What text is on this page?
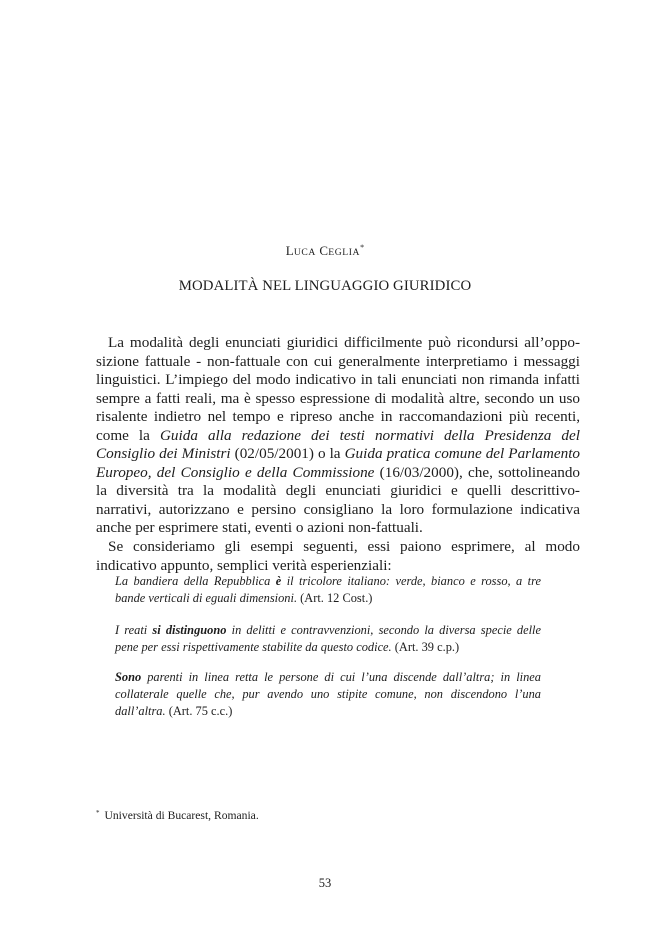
LUCA CEGLIA*
MODALITÀ NEL LINGUAGGIO GIURIDICO

La modalità degli enunciati giuridici difficilmente può ricondursi all’opposizione fattuale - non-fattuale con cui generalmente interpretiamo i messaggi linguistici. L’impiego del modo indicativo in tali enunciati non rimanda infatti sempre a fatti reali, ma è spesso espressione di modalità altre, secondo un uso risalente indietro nel tempo e ripreso anche in raccomandazioni più recenti, come la Guida alla redazione dei testi normativi della Presidenza del Consiglio dei Ministri (02/05/2001) o la Guida pratica comune del Parlamento Europeo, del Consiglio e della Commissione (16/03/2000), che, sottolineando la diversità tra la modalità degli enunciati giuridici e quelli descrittivo-narrativi, autorizzano e persino consigliano la loro formulazione indicativa anche per esprimere stati, eventi o azioni non-fattuali.

Se consideriamo gli esempi seguenti, essi paiono esprimere, al modo indicativo appunto, semplici verità esperienziali:

La bandiera della Repubblica è il tricolore italiano: verde, bianco e rosso, a tre bande verticali di eguali dimensioni. (Art. 12 Cost.)
I reati si distinguono in delitti e contravvenzioni, secondo la diversa specie delle pene per essi rispettivamente stabilite da questo codice. (Art. 39 c.p.)
Sono parenti in linea retta le persone di cui l’una discende dall’altra; in linea collaterale quelle che, pur avendo uno stipite comune, non discendono l’una dall’altra. (Art. 75 c.c.)
* Università di Bucarest, Romania.
53
